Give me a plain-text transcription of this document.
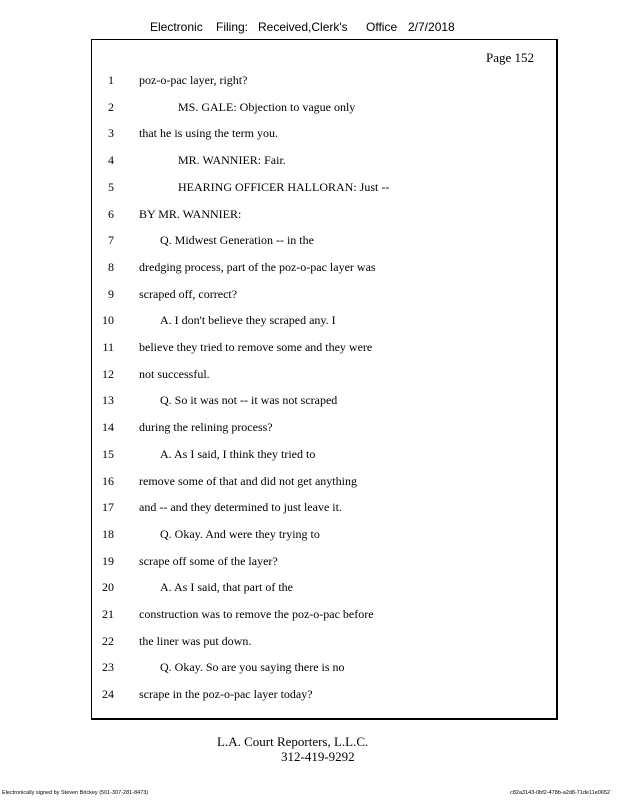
Electronic Filing: Received,Clerk's Office 2/7/2018
Page 152
1 poz-o-pac layer, right?
2	MS. GALE: Objection to vague only
3 that he is using the term you.
4	MR. WANNIER: Fair.
5	HEARING OFFICER HALLORAN: Just --
6 BY MR. WANNIER:
7	Q. Midwest Generation -- in the
8 dredging process, part of the poz-o-pac layer was
9 scraped off, correct?
10	A. I don't believe they scraped any. I
11 believe they tried to remove some and they were
12 not successful.
13	Q. So it was not -- it was not scraped
14 during the relining process?
15	A. As I said, I think they tried to
16 remove some of that and did not get anything
17 and -- and they determined to just leave it.
18	Q. Okay. And were they trying to
19 scrape off some of the layer?
20	A. As I said, that part of the
21 construction was to remove the poz-o-pac before
22 the liner was put down.
23	Q. Okay. So are you saying there is no
24 scrape in the poz-o-pac layer today?
L.A. Court Reporters, L.L.C.
312-419-9292
Electronically signed by Steven Brickey (501-307-281-8473)	c82a3143-0bf2-478b-a2d8-71de11e0652
